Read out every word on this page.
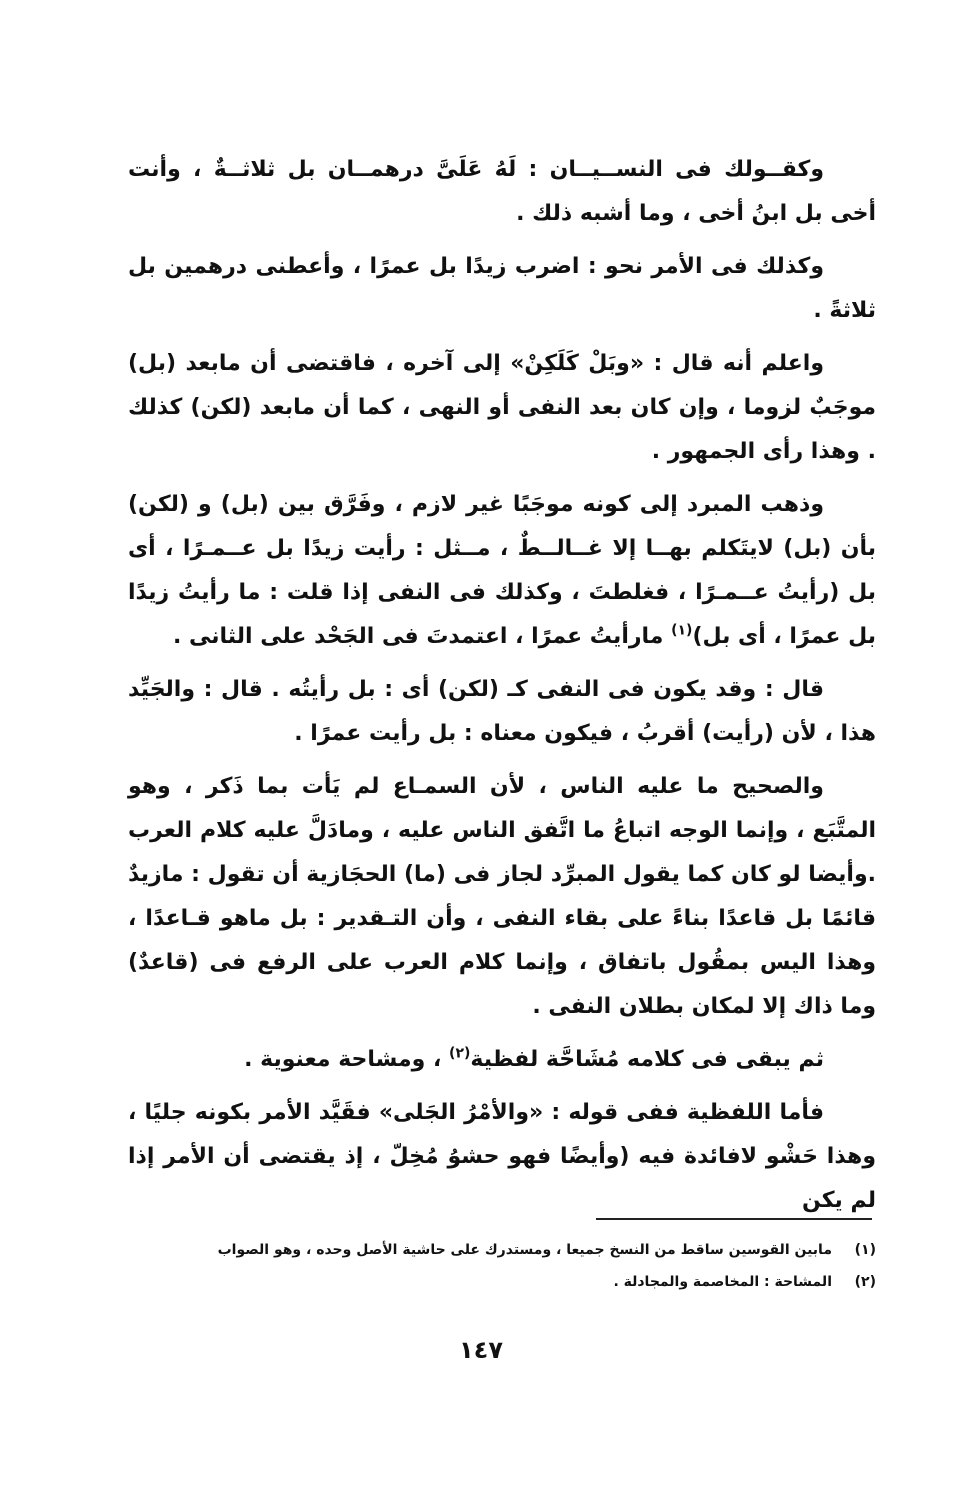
وكقــولك فى النســيــان : لَهُ عَلَىَّ درهمــان بل ثلاثــةٌ ، وأنت أخى بل ابنُ أخى ، وما أشبه ذلك .

وكذلك فى الأمر نحو : اضرب زيدًا بل عمرًا ، وأعطنى درهمين بل ثلاثةً .

واعلم أنه قال : «وبَلْ كَلَكِنْ» إلى آخره ، فاقتضى أن مابعد (بل) موجَبٌ لزوما ، وإن كان بعد النفى أو النهى ، كما أن مابعد (لكن) كذلك . وهذا رأى الجمهور .

وذهب المبرد إلى كونه موجَبًا غير لازم ، وفَرَّق بين (بل) و (لكن) بأن (بل) لايتَكلم بهــا إلا غــالــطٌ ، مــثل : رأيت زيدًا بل عــمـرًا ، أى بل (رأيتُ عــمـرًا ، فغلطتَ ، وكذلك فى النفى إذا قلت : ما رأيتُ زيدًا بل عمرًا ، أى بل)$^{(١)}$ مارأيتُ عمرًا ، اعتمدتَ فى الجَحْد على الثانى .

قال : وقد يكون فى النفى كـ (لكن) أى : بل رأيتُه . قال : والجَيِّد هذا ، لأن (رأيت) أقربُ ، فيكون معناه : بل رأيت عمرًا .

والصحيح ما عليه الناس ، لأن السمـاع لم يَأت بما ذَكر ، وهو المتَّبَع ، وإنما الوجه اتباعُ ما اتَّفق الناس عليه ، ومادَلَّ عليه كلام العرب .وأيضا لو كان كما يقول المبرِّد لجاز فى (ما) الحجَازية أن تقول : مازيدٌ قائمًا بل قاعدًا بناءً على بقاء النفى ، وأن التـقدير : بل ماهو قـاعدًا ، وهذا اليس بمقُول باتفاق ، وإنما كلام العرب على الرفع فى (قاعدٌ) وما ذاك إلا لمكان بطلان النفى .

ثم يبقى فى كلامه مُشَاحَّة لفظية$^{(٢)}$ ، ومشاحة معنوية .

فأما اللفظية ففى قوله : «والأمْرُ الجَلى» فقَيَّد الأمر بكونه جليًا ، وهذا حَشْو لافائدة فيه (وأيضًا فهو حشوُ مُخِلّ ، إذ يقتضى أن الأمر إذا لم يكن

(١)
مابين القوسين ساقط من النسخ جميعا ، ومستدرك على حاشية الأصل وحده ، وهو الصواب
(٢)
المشاحة : المخاصمة والمجادلة .
١٤٧
